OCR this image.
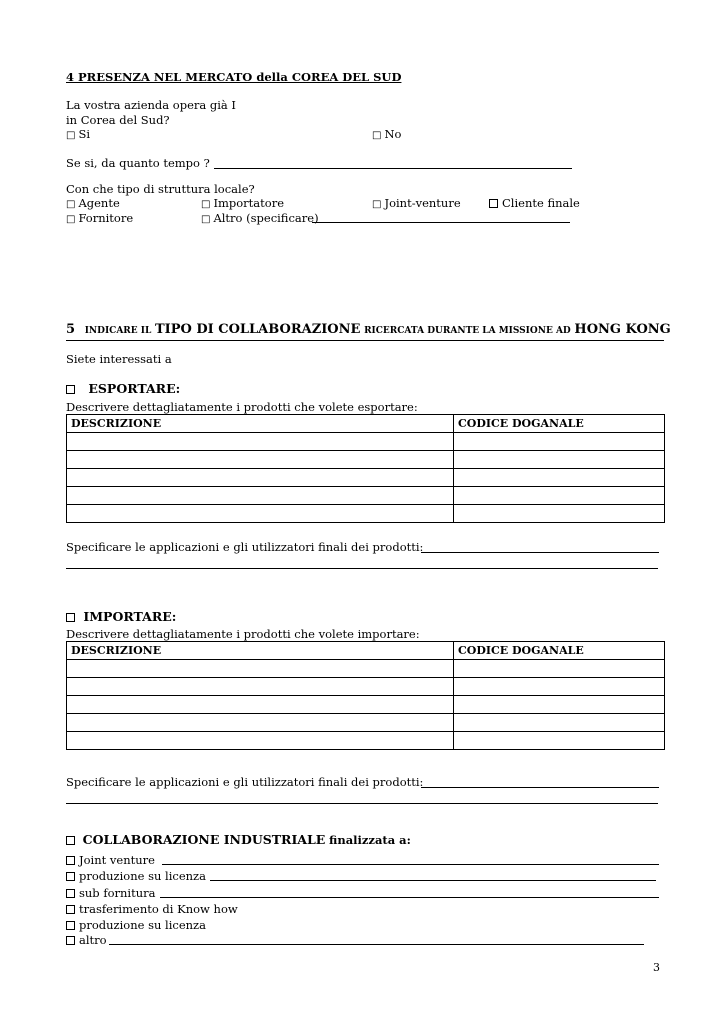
4 PRESENZA NEL MERCATO della COREA DEL SUD
La vostra azienda opera già I
in Corea del Sud?
□ Si	□ No
Se si, da quanto tempo ?
Con che tipo di struttura locale?
□ Agente	□ Importatore	□ Joint-venture	Cliente finale
□ Fornitore	□ Altro (specificare)
5 INDICARE IL TIPO DI COLLABORAZIONE RICERCATA DURANTE LA MISSIONE AD HONG KONG
Siete interessati a
ESPORTARE:
Descrivere dettagliatamente i prodotti che volete esportare:
DESCRIZIONE	CODICE DOGANALE

Specificare le applicazioni e gli utilizzatori finali dei prodotti:
IMPORTARE:
Descrivere dettagliatamente i prodotti che volete importare:
DESCRIZIONE	CODICE DOGANALE

Specificare le applicazioni e gli utilizzatori finali dei prodotti:
COLLABORAZIONE INDUSTRIALE finalizzata a:
Joint venture
produzione su licenza
sub fornitura
trasferimento di Know how
produzione su licenza
altro
3
